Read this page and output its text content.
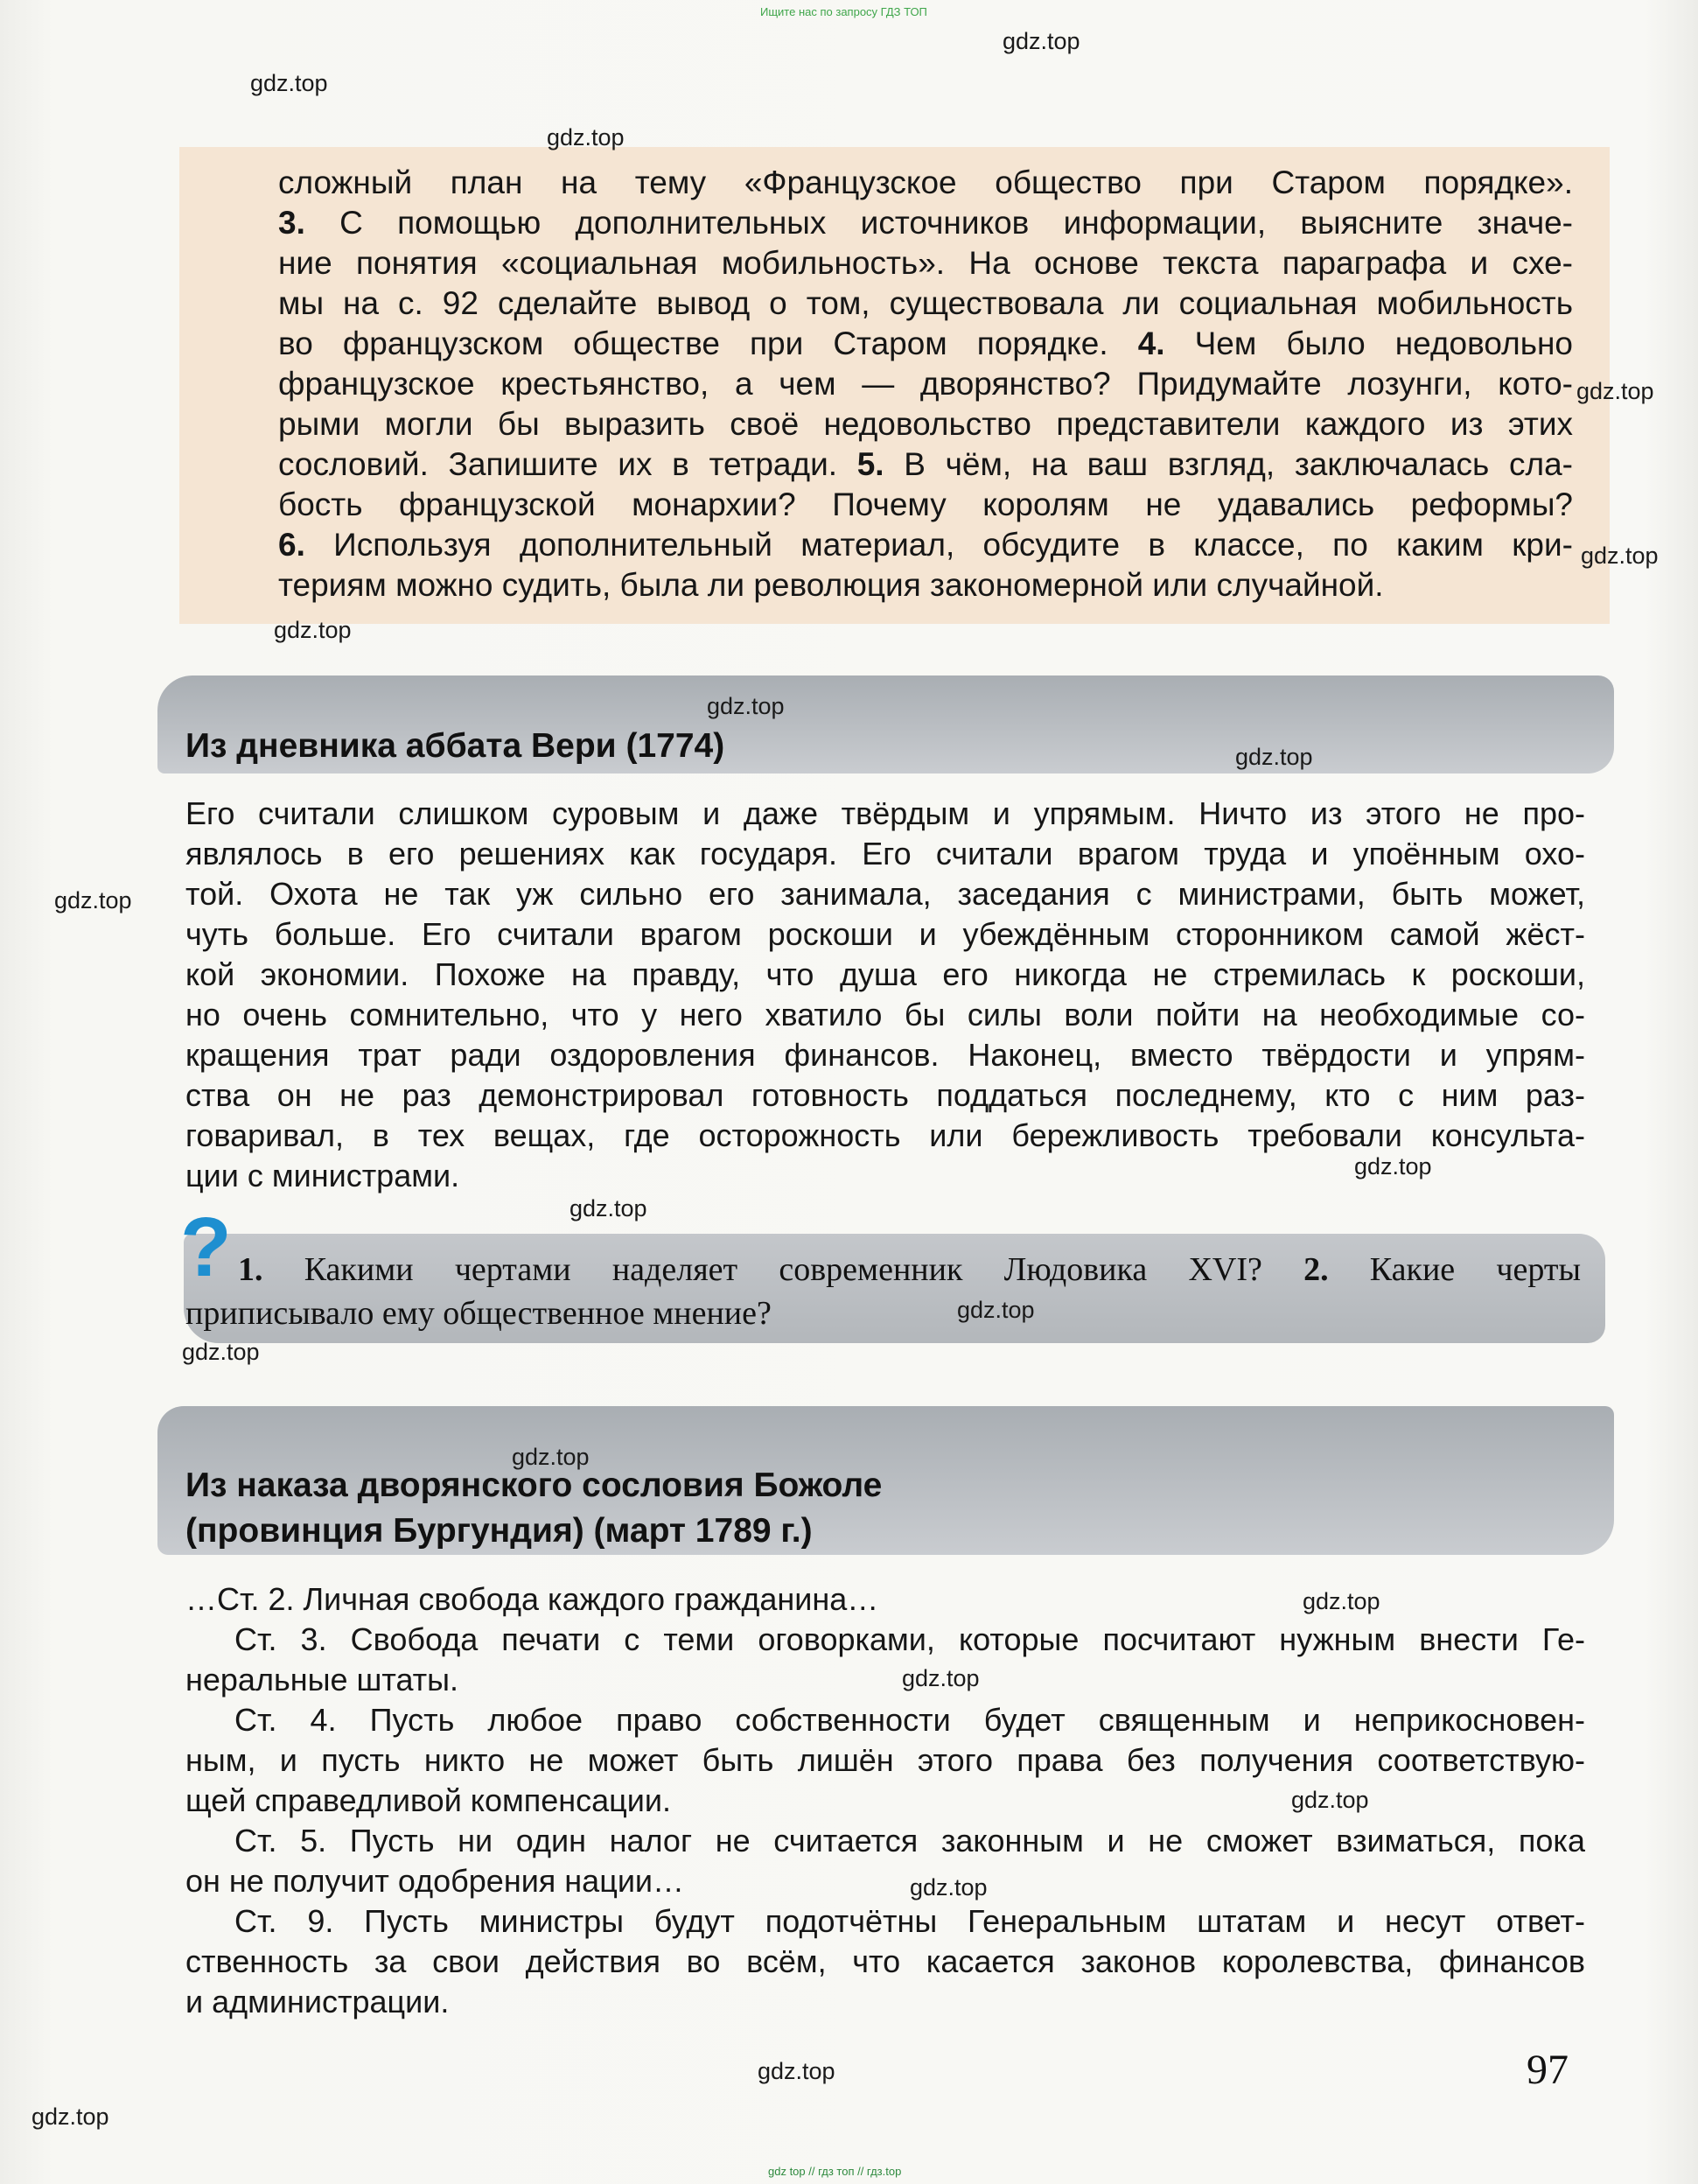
Ищите нас по запросу ГДЗ ТОП
сложный план на тему «Французское общество при Старом порядке».
3. С помощью дополнительных источников информации, выясните значе-
ние понятия «социальная мобильность». На основе текста параграфа и схе-
мы на с. 92 сделайте вывод о том, существовала ли социальная мобильность
во французском обществе при Старом порядке. 4. Чем было недовольно
французское крестьянство, а чем — дворянство? Придумайте лозунги, кото-
рыми могли бы выразить своё недовольство представители каждого из этих
сословий. Запишите их в тетради. 5. В чём, на ваш взгляд, заключалась сла-
бость французской монархии? Почему королям не удавались реформы?
6. Используя дополнительный материал, обсудите в классе, по каким кри-
териям можно судить, была ли революция закономерной или случайной.
Из дневника аббата Вери (1774)
Его считали слишком суровым и даже твёрдым и упрямым. Ничто из этого не про-
являлось в его решениях как государя. Его считали врагом труда и упоённым охо-
той. Охота не так уж сильно его занимала, заседания с министрами, быть может,
чуть больше. Его считали врагом роскоши и убеждённым сторонником самой жёст-
кой экономии. Похоже на правду, что душа его никогда не стремилась к роскоши,
но очень сомнительно, что у него хватило бы силы воли пойти на необходимые со-
кращения трат ради оздоровления финансов. Наконец, вместо твёрдости и упрям-
ства он не раз демонстрировал готовность поддаться последнему, кто с ним раз-
говаривал, в тех вещах, где осторожность или бережливость требовали консульта-
ции с министрами.
? 1. Какими чертами наделяет современник Людовика XVI? 2. Какие черты
приписывало ему общественное мнение?
Из наказа дворянского сословия Божоле
(провинция Бургундия) (март 1789 г.)
…Ст. 2. Личная свобода каждого гражданина…
Ст. 3. Свобода печати с теми оговорками, которые посчитают нужным внести Ге-
неральные штаты.
Ст. 4. Пусть любое право собственности будет священным и неприкосновен-
ным, и пусть никто не может быть лишён этого права без получения соответствую-
щей справедливой компенсации.
Ст. 5. Пусть ни один налог не считается законным и не сможет взиматься, пока
он не получит одобрения нации…
Ст. 9. Пусть министры будут подотчётны Генеральным штатам и несут ответ-
ственность за свои действия во всём, что касается законов королевства, финансов
и администрации.
97
gdz.top
gdz.top
gdz.top
gdz.top
gdz.top
gdz.top
gdz.top
gdz.top
gdz.top
gdz.top
gdz.top
gdz.top
gdz.top
gdz.top
gdz.top
gdz.top
gdz.top
gdz.top
gdz.top
gdz.top
gdz top // гдз топ // гдз.top
